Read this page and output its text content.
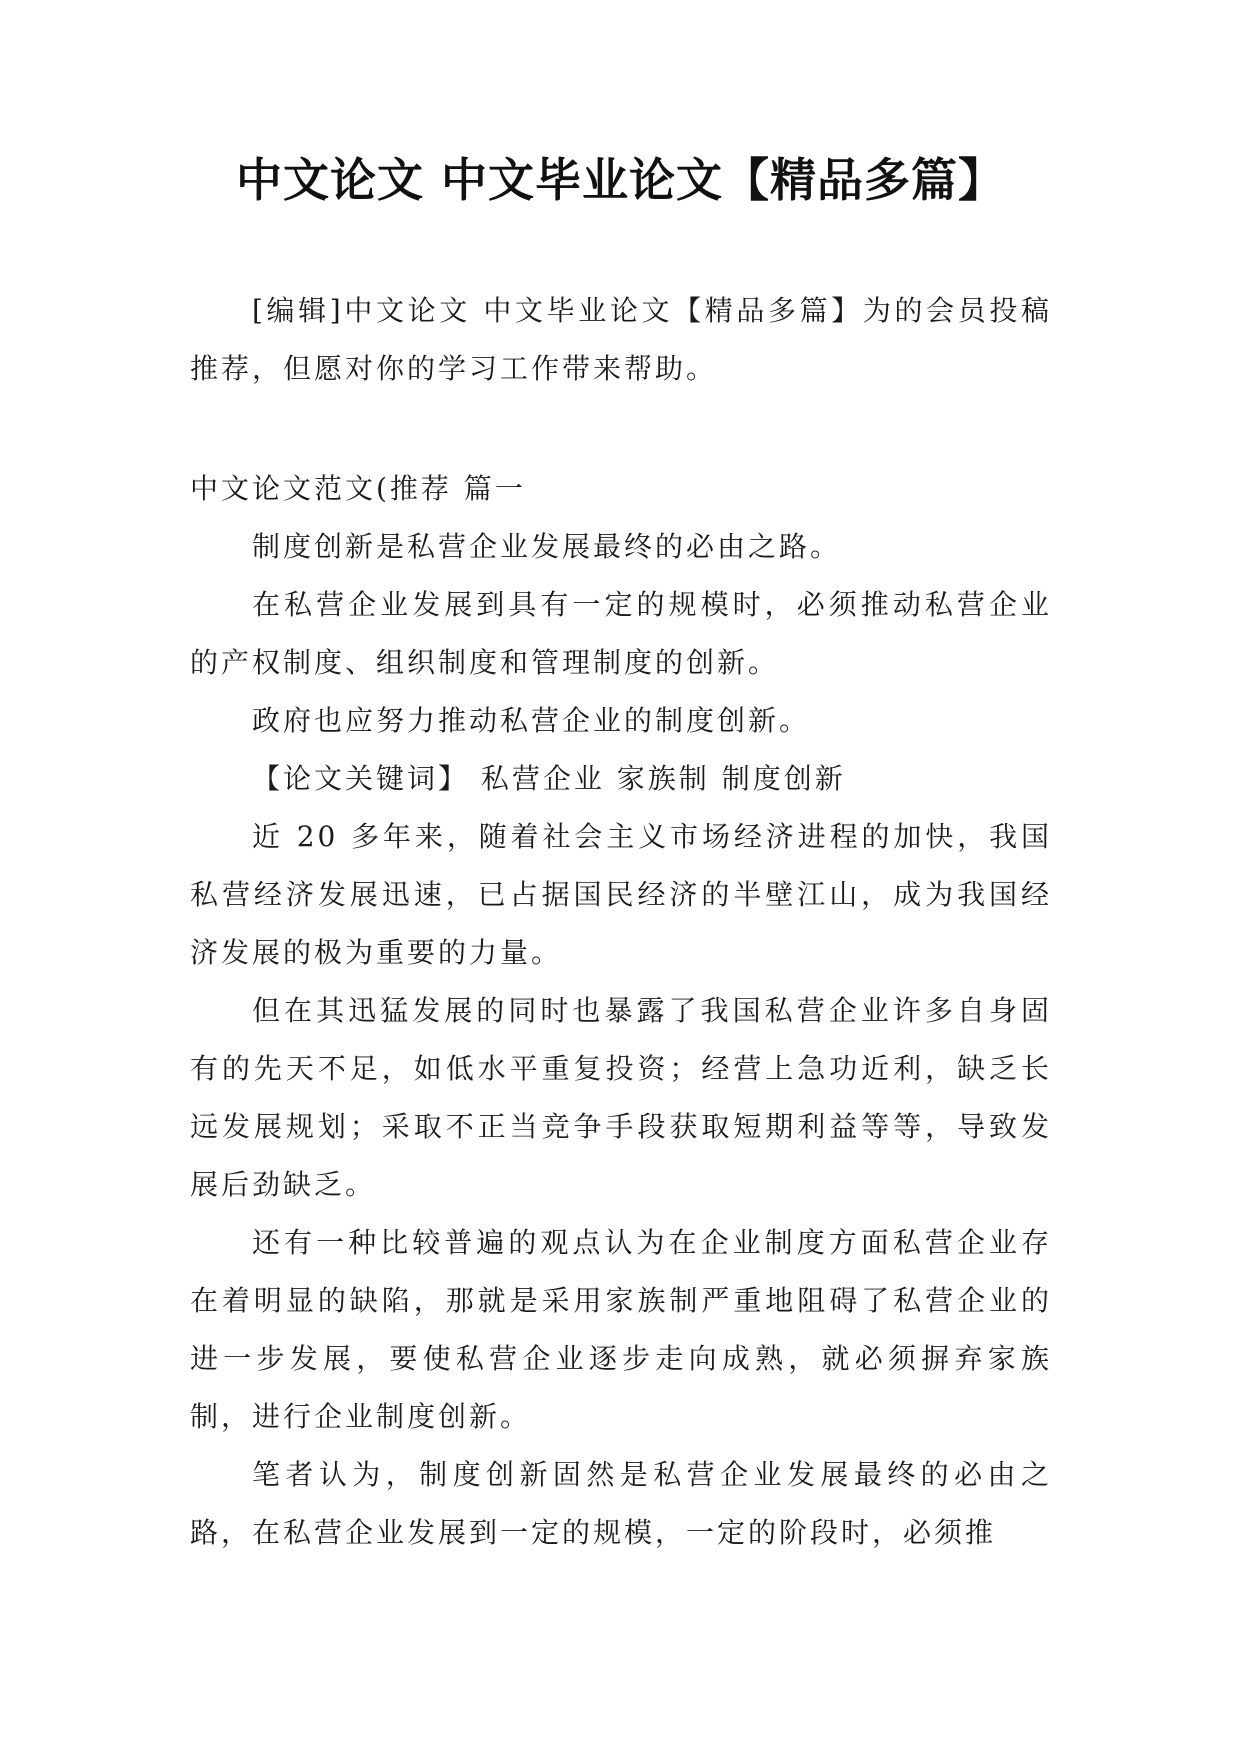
中文论文 中文毕业论文【精品多篇】

[编辑]中文论文 中文毕业论文【精品多篇】为的会员投稿推荐，但愿对你的学习工作带来帮助。

中文论文范文(推荐 篇一

制度创新是私营企业发展最终的必由之路。

在私营企业发展到具有一定的规模时，必须推动私营企业的产权制度、组织制度和管理制度的创新。

政府也应努力推动私营企业的制度创新。

【论文关键词】 私营企业 家族制 制度创新

近 20 多年来，随着社会主义市场经济进程的加快，我国私营经济发展迅速，已占据国民经济的半壁江山，成为我国经济发展的极为重要的力量。

但在其迅猛发展的同时也暴露了我国私营企业许多自身固有的先天不足，如低水平重复投资；经营上急功近利，缺乏长远发展规划；采取不正当竞争手段获取短期利益等等，导致发展后劲缺乏。

还有一种比较普遍的观点认为在企业制度方面私营企业存在着明显的缺陷，那就是采用家族制严重地阻碍了私营企业的进一步发展，要使私营企业逐步走向成熟，就必须摒弃家族制，进行企业制度创新。

笔者认为，制度创新固然是私营企业发展最终的必由之路，在私营企业发展到一定的规模，一定的阶段时，必须推
